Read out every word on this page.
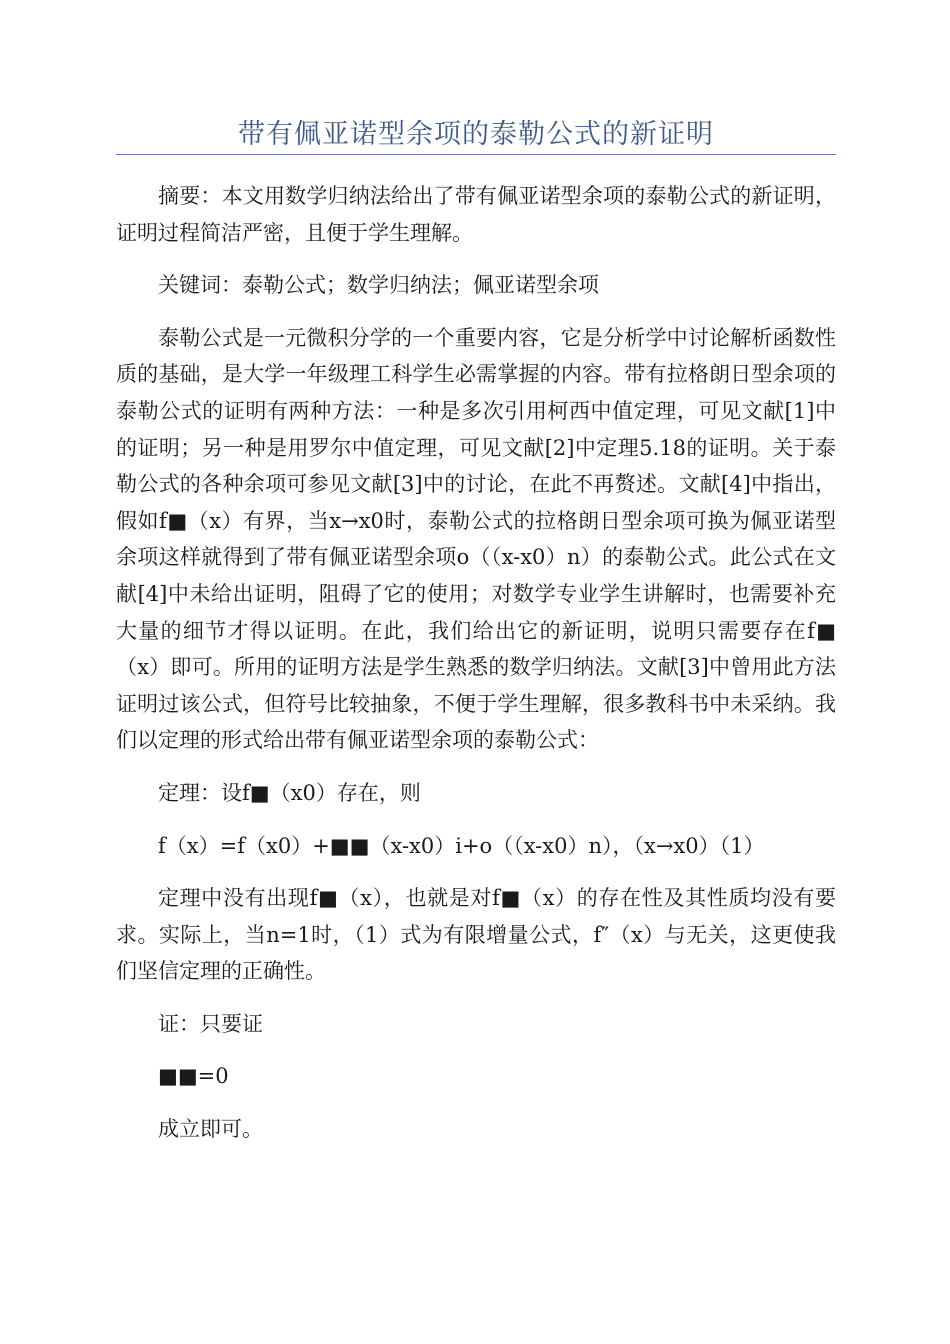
带有佩亚诺型余项的泰勒公式的新证明

摘要：本文用数学归纳法给出了带有佩亚诺型余项的泰勒公式的新证明，证明过程简洁严密，且便于学生理解。

关键词：泰勒公式；数学归纳法；佩亚诺型余项

泰勒公式是一元微积分学的一个重要内容，它是分析学中讨论解析函数性质的基础，是大学一年级理工科学生必需掌握的内容。带有拉格朗日型余项的泰勒公式的证明有两种方法：一种是多次引用柯西中值定理，可见文献[1]中的证明；另一种是用罗尔中值定理，可见文献[2]中定理5.18的证明。关于泰勒公式的各种余项可参见文献[3]中的讨论，在此不再赘述。文献[4]中指出，假如f■（x）有界，当x→x0时，泰勒公式的拉格朗日型余项可换为佩亚诺型余项这样就得到了带有佩亚诺型余项o（（x-x0）n）的泰勒公式。此公式在文献[4]中未给出证明，阻碍了它的使用；对数学专业学生讲解时，也需要补充大量的细节才得以证明。在此，我们给出它的新证明，说明只需要存在f■（x）即可。所用的证明方法是学生熟悉的数学归纳法。文献[3]中曾用此方法证明过该公式，但符号比较抽象，不便于学生理解，很多教科书中未采纳。我们以定理的形式给出带有佩亚诺型余项的泰勒公式：

定理：设f■（x0）存在，则

f（x）=f（x0）+■■（x-x0）i+o（（x-x0）n），（x→x0）（1）

定理中没有出现f■（x），也就是对f■（x）的存在性及其性质均没有要求。实际上，当n=1时，（1）式为有限增量公式，f″（x）与无关，这更使我们坚信定理的正确性。

证：只要证

■■=0

成立即可。
